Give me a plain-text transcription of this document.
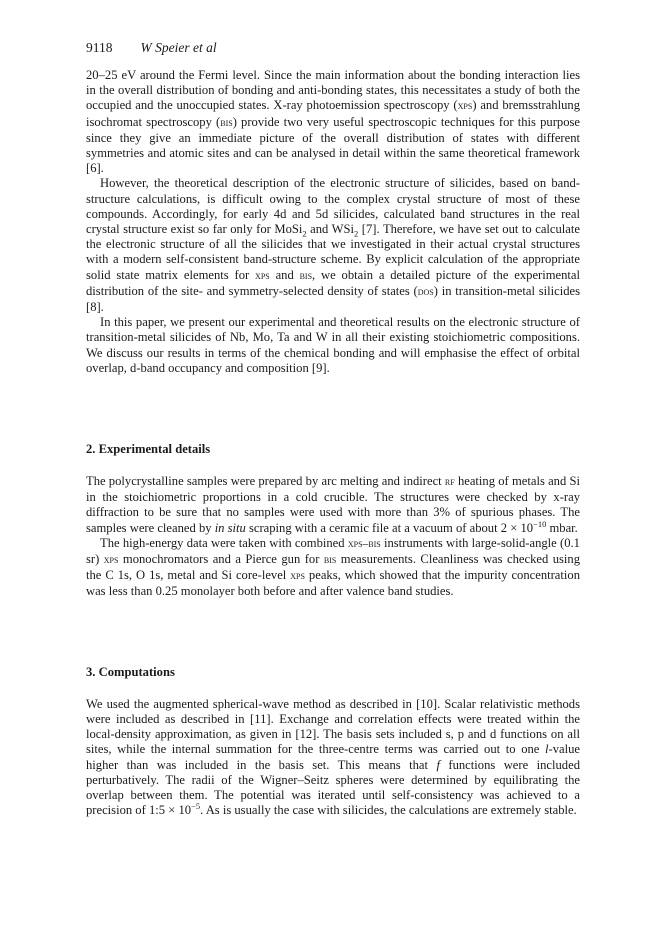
9118 W Speier et al

20–25 eV around the Fermi level. Since the main information about the bonding interaction lies in the overall distribution of bonding and anti-bonding states, this necessitates a study of both the occupied and the unoccupied states. X-ray photoemission spectroscopy (xps) and bremsstrahlung isochromat spectroscopy (bis) provide two very useful spectroscopic techniques for this purpose since they give an immediate picture of the overall distribution of states with different symmetries and atomic sites and can be analysed in detail within the same theoretical framework [6].

However, the theoretical description of the electronic structure of silicides, based on band-structure calculations, is difficult owing to the complex crystal structure of most of these compounds. Accordingly, for early 4d and 5d silicides, calculated band structures in the real crystal structure exist so far only for MoSi$_2$ and WSi$_2$ [7]. Therefore, we have set out to calculate the electronic structure of all the silicides that we investigated in their actual crystal structures with a modern self-consistent band-structure scheme. By explicit calculation of the appropriate solid state matrix elements for xps and bis, we obtain a detailed picture of the experimental distribution of the site- and symmetry-selected density of states (dos) in transition-metal silicides [8].

In this paper, we present our experimental and theoretical results on the electronic structure of transition-metal silicides of Nb, Mo, Ta and W in all their existing stoichiometric compositions. We discuss our results in terms of the chemical bonding and will emphasise the effect of orbital overlap, d-band occupancy and composition [9].

2. Experimental details

The polycrystalline samples were prepared by arc melting and indirect rf heating of metals and Si in the stoichiometric proportions in a cold crucible. The structures were checked by x-ray diffraction to be sure that no samples were used with more than 3% of spurious phases. The samples were cleaned by in situ scraping with a ceramic file at a vacuum of about $2 \times 10^{-10}$ mbar.

The high-energy data were taken with combined xps–bis instruments with large-solid-angle (0.1 sr) xps monochromators and a Pierce gun for bis measurements. Cleanliness was checked using the C 1s, O 1s, metal and Si core-level xps peaks, which showed that the impurity concentration was less than 0.25 monolayer both before and after valence band studies.

3. Computations

We used the augmented spherical-wave method as described in [10]. Scalar relativistic methods were included as described in [11]. Exchange and correlation effects were treated within the local-density approximation, as given in [12]. The basis sets included s, p and d functions on all sites, while the internal summation for the three-centre terms was carried out to one l-value higher than was included in the basis set. This means that f functions were included perturbatively. The radii of the Wigner–Seitz spheres were determined by equilibrating the overlap between them. The potential was iterated until self-consistency was achieved to a precision of 1:5 × $10^{-5}$. As is usually the case with silicides, the calculations are extremely stable.
